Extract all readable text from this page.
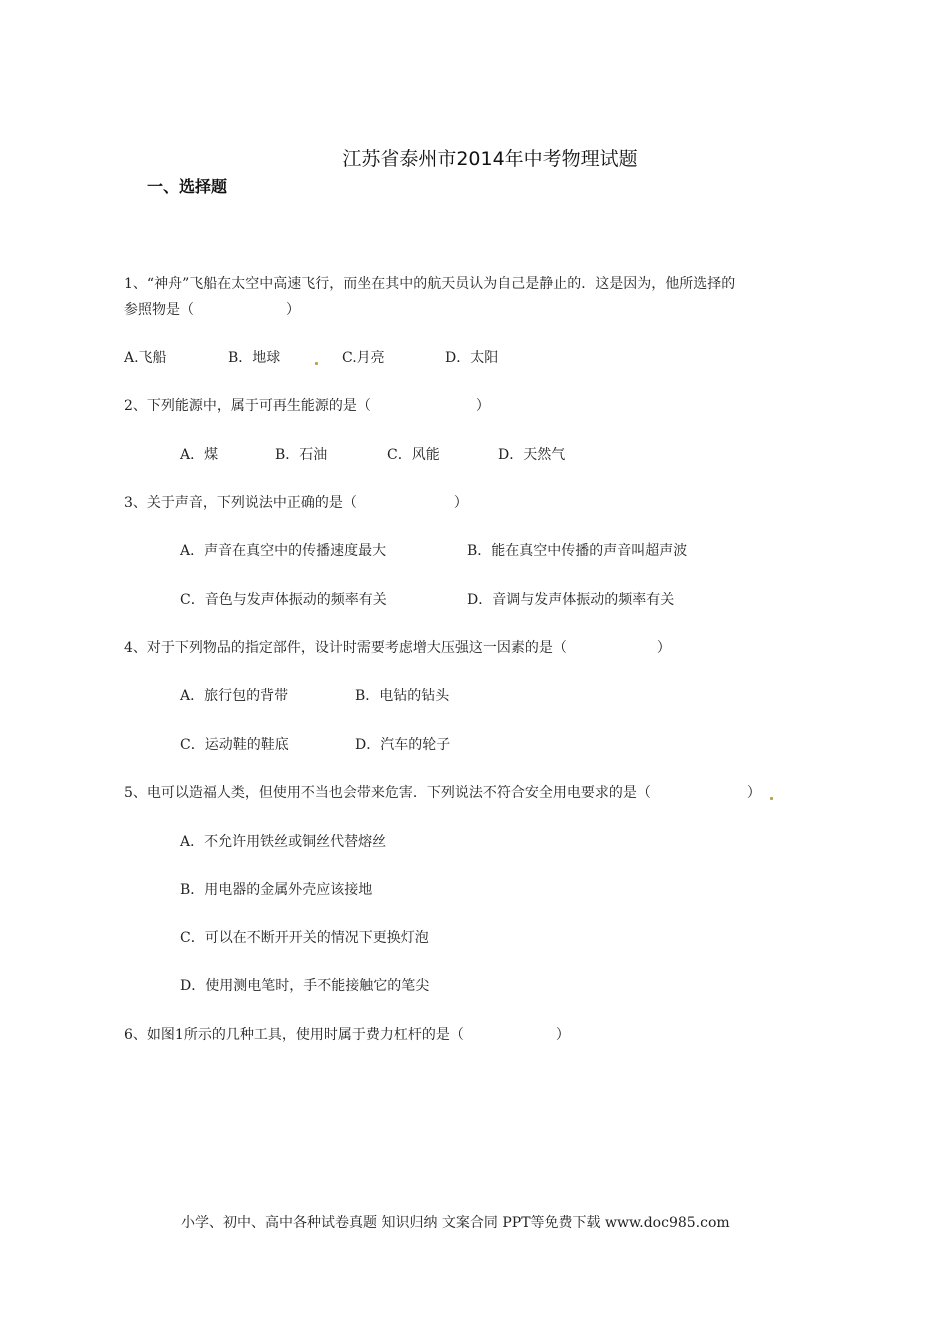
江苏省泰州市2014年中考物理试题
一、选择题
1、“神舟”飞船在太空中高速飞行，而坐在其中的航天员认为自己是静止的．这是因为，他所选择的
参照物是（	）
A.飞船	B．地球	C.月亮	D．太阳
2、下列能源中，属于可再生能源的是（	）
A．煤	B．石油	C．风能	D．天然气
3、关于声音，下列说法中正确的是（	）
A．声音在真空中的传播速度最大	B．能在真空中传播的声音叫超声波
C．音色与发声体振动的频率有关	D．音调与发声体振动的频率有关
4、对于下列物品的指定部件，设计时需要考虑增大压强这一因素的是（	）
A．旅行包的背带	B．电钻的钻头
C．运动鞋的鞋底	D．汽车的轮子
5、电可以造福人类，但使用不当也会带来危害．下列说法不符合安全用电要求的是（	）
A．不允许用铁丝或铜丝代替熔丝
B．用电器的金属外壳应该接地
C．可以在不断开开关的情况下更换灯泡
D．使用测电笔时，手不能接触它的笔尖
6、如图1所示的几种工具，使用时属于费力杠杆的是（	）
小学、初中、高中各种试卷真题 知识归纳 文案合同 PPT等免费下载 www.doc985.com
